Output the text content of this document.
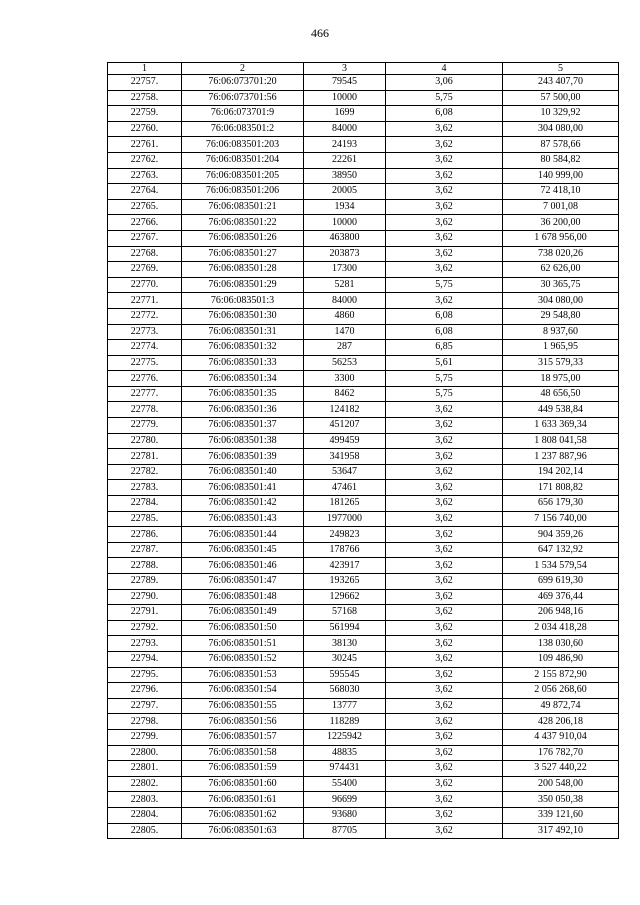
466
1	2	3	4	5
22757.	76:06:073701:20	79545	3,06	243 407,70
22758.	76:06:073701:56	10000	5,75	57 500,00
22759.	76:06:073701:9	1699	6,08	10 329,92
22760.	76:06:083501:2	84000	3,62	304 080,00
22761.	76:06:083501:203	24193	3,62	87 578,66
22762.	76:06:083501:204	22261	3,62	80 584,82
22763.	76:06:083501:205	38950	3,62	140 999,00
22764.	76:06:083501:206	20005	3,62	72 418,10
22765.	76:06:083501:21	1934	3,62	7 001,08
22766.	76:06:083501:22	10000	3,62	36 200,00
22767.	76:06:083501:26	463800	3,62	1 678 956,00
22768.	76:06:083501:27	203873	3,62	738 020,26
22769.	76:06:083501:28	17300	3,62	62 626,00
22770.	76:06:083501:29	5281	5,75	30 365,75
22771.	76:06:083501:3	84000	3,62	304 080,00
22772.	76:06:083501:30	4860	6,08	29 548,80
22773.	76:06:083501:31	1470	6,08	8 937,60
22774.	76:06:083501:32	287	6,85	1 965,95
22775.	76:06:083501:33	56253	5,61	315 579,33
22776.	76:06:083501:34	3300	5,75	18 975,00
22777.	76:06:083501:35	8462	5,75	48 656,50
22778.	76:06:083501:36	124182	3,62	449 538,84
22779.	76:06:083501:37	451207	3,62	1 633 369,34
22780.	76:06:083501:38	499459	3,62	1 808 041,58
22781.	76:06:083501:39	341958	3,62	1 237 887,96
22782.	76:06:083501:40	53647	3,62	194 202,14
22783.	76:06:083501:41	47461	3,62	171 808,82
22784.	76:06:083501:42	181265	3,62	656 179,30
22785.	76:06:083501:43	1977000	3,62	7 156 740,00
22786.	76:06:083501:44	249823	3,62	904 359,26
22787.	76:06:083501:45	178766	3,62	647 132,92
22788.	76:06:083501:46	423917	3,62	1 534 579,54
22789.	76:06:083501:47	193265	3,62	699 619,30
22790.	76:06:083501:48	129662	3,62	469 376,44
22791.	76:06:083501:49	57168	3,62	206 948,16
22792.	76:06:083501:50	561994	3,62	2 034 418,28
22793.	76:06:083501:51	38130	3,62	138 030,60
22794.	76:06:083501:52	30245	3,62	109 486,90
22795.	76:06:083501:53	595545	3,62	2 155 872,90
22796.	76:06:083501:54	568030	3,62	2 056 268,60
22797.	76:06:083501:55	13777	3,62	49 872,74
22798.	76:06:083501:56	118289	3,62	428 206,18
22799.	76:06:083501:57	1225942	3,62	4 437 910,04
22800.	76:06:083501:58	48835	3,62	176 782,70
22801.	76:06:083501:59	974431	3,62	3 527 440,22
22802.	76:06:083501:60	55400	3,62	200 548,00
22803.	76:06:083501:61	96699	3,62	350 050,38
22804.	76:06:083501:62	93680	3,62	339 121,60
22805.	76:06:083501:63	87705	3,62	317 492,10
